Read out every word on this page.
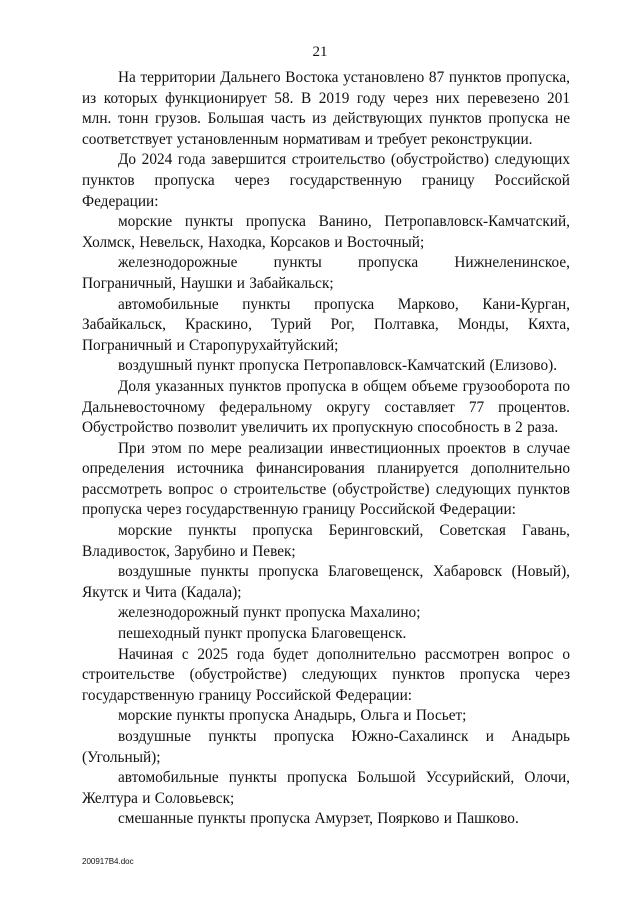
21

На территории Дальнего Востока установлено 87 пунктов пропуска, из которых функционирует 58. В 2019 году через них перевезено 201 млн. тонн грузов. Большая часть из действующих пунктов пропуска не соответствует установленным нормативам и требует реконструкции.

До 2024 года завершится строительство (обустройство) следующих пунктов пропуска через государственную границу Российской Федерации:

морские пункты пропуска Ванино, Петропавловск-Камчатский, Холмск, Невельск, Находка, Корсаков и Восточный;

железнодорожные пункты пропуска Нижнеленинское, Пограничный, Наушки и Забайкальск;

автомобильные пункты пропуска Марково, Кани-Курган, Забайкальск, Краскино, Турий Рог, Полтавка, Монды, Кяхта, Пограничный и Старопурухайтуйский;

воздушный пункт пропуска Петропавловск-Камчатский (Елизово).

Доля указанных пунктов пропуска в общем объеме грузооборота по Дальневосточному федеральному округу составляет 77 процентов. Обустройство позволит увеличить их пропускную способность в 2 раза.

При этом по мере реализации инвестиционных проектов в случае определения источника финансирования планируется дополнительно рассмотреть вопрос о строительстве (обустройстве) следующих пунктов пропуска через государственную границу Российской Федерации:

морские пункты пропуска Беринговский, Советская Гавань, Владивосток, Зарубино и Певек;

воздушные пункты пропуска Благовещенск, Хабаровск (Новый), Якутск и Чита (Кадала);

железнодорожный пункт пропуска Махалино;

пешеходный пункт пропуска Благовещенск.

Начиная с 2025 года будет дополнительно рассмотрен вопрос о строительстве (обустройстве) следующих пунктов пропуска через государственную границу Российской Федерации:

морские пункты пропуска Анадырь, Ольга и Посьет;

воздушные пункты пропуска Южно-Сахалинск и Анадырь (Угольный);

автомобильные пункты пропуска Большой Уссурийский, Олочи, Желтура и Соловьевск;

смешанные пункты пропуска Амурзет, Поярково и Пашково.

200917В4.doc
